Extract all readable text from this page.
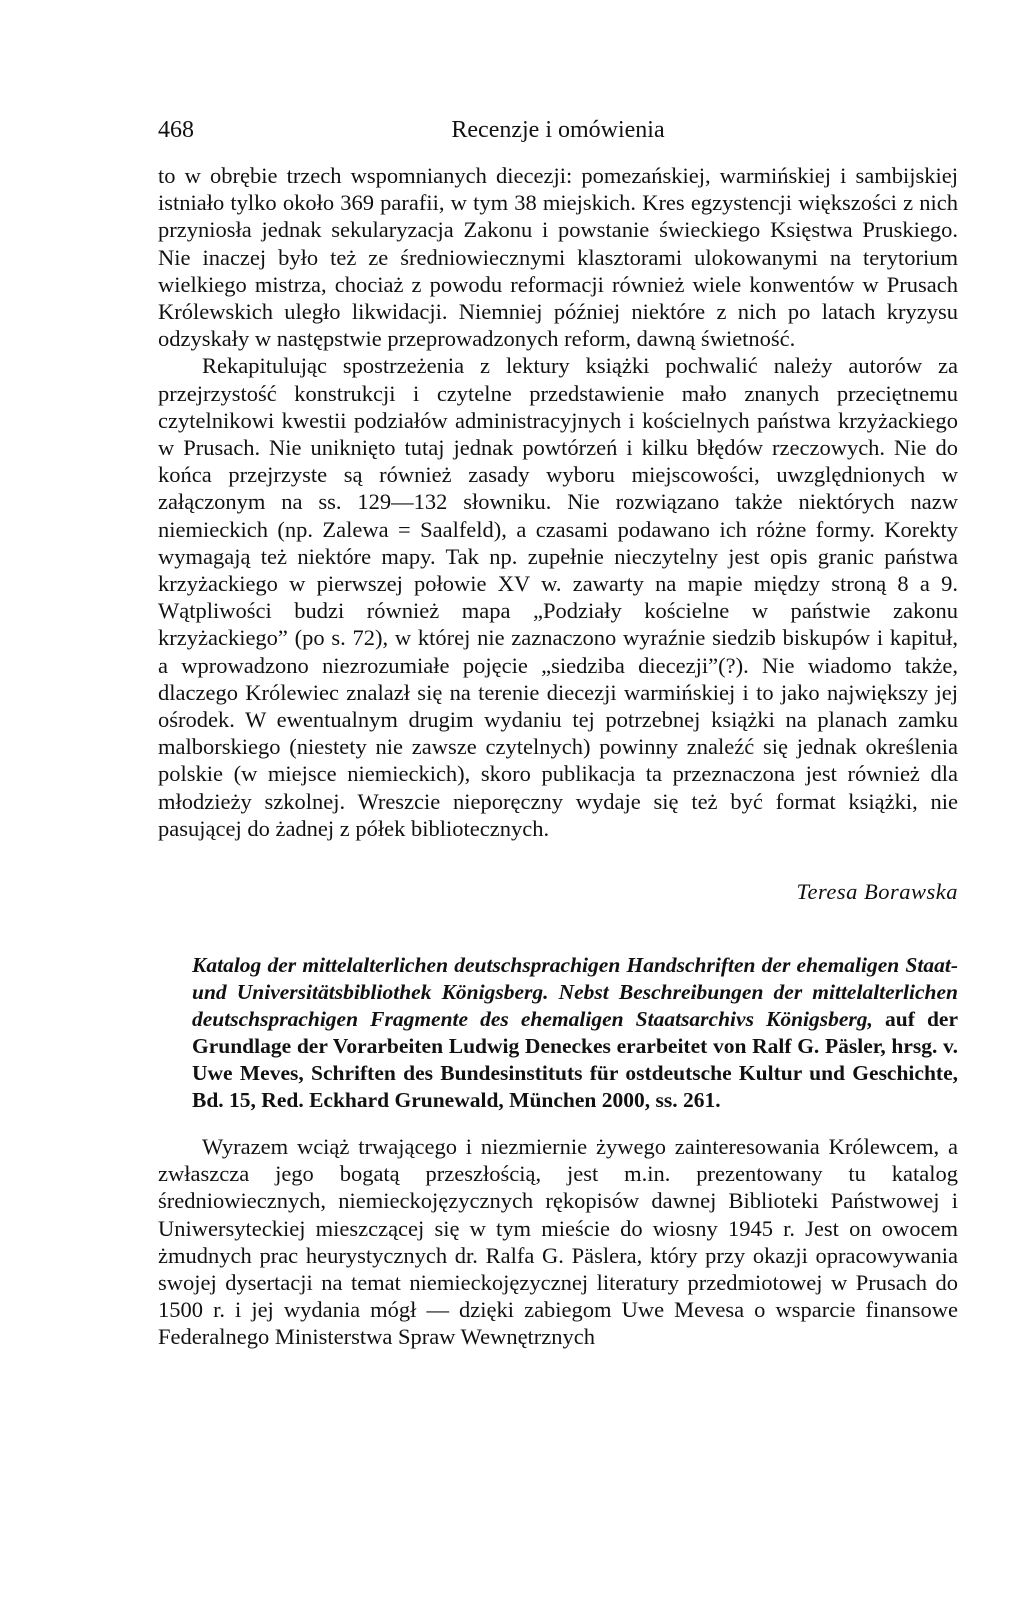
468	Recenzje i omówienia

to w obrębie trzech wspomnianych diecezji: pomezańskiej, warmińskiej i sambijskiej istniało tylko około 369 parafii, w tym 38 miejskich. Kres egzystencji większości z nich przyniosła jednak sekularyzacja Zakonu i powstanie świeckiego Księstwa Pruskiego. Nie inaczej było też ze średniowiecznymi klasztorami ulokowanymi na terytorium wielkiego mistrza, chociaż z powodu reformacji również wiele konwentów w Prusach Królewskich uległo likwidacji. Niemniej później niektóre z nich po latach kryzysu odzyskały w następstwie przeprowadzonych reform, dawną świetność.

Rekapitulując spostrzeżenia z lektury książki pochwalić należy autorów za przejrzystość konstrukcji i czytelne przedstawienie mało znanych przeciętnemu czytelnikowi kwestii podziałów administracyjnych i kościelnych państwa krzyżackiego w Prusach. Nie uniknięto tutaj jednak powtórzeń i kilku błędów rzeczowych. Nie do końca przejrzyste są również zasady wyboru miejscowości, uwzględnionych w załączonym na ss. 129—132 słowniku. Nie rozwiązano także niektórych nazw niemieckich (np. Zalewa = Saalfeld), a czasami podawano ich różne formy. Korekty wymagają też niektóre mapy. Tak np. zupełnie nieczytelny jest opis granic państwa krzyżackiego w pierwszej połowie XV w. zawarty na mapie między stroną 8 a 9. Wątpliwości budzi również mapa „Podziały kościelne w państwie zakonu krzyżackiego” (po s. 72), w której nie zaznaczono wyraźnie siedzib biskupów i kapituł, a wprowadzono niezrozumiałe pojęcie „siedziba diecezji”(?). Nie wiadomo także, dlaczego Królewiec znalazł się na terenie diecezji warmińskiej i to jako największy jej ośrodek. W ewentualnym drugim wydaniu tej potrzebnej książki na planach zamku malborskiego (niestety nie zawsze czytelnych) powinny znaleźć się jednak określenia polskie (w miejsce niemieckich), skoro publikacja ta przeznaczona jest również dla młodzieży szkolnej. Wreszcie nieporęczny wydaje się też być format książki, nie pasującej do żadnej z półek bibliotecznych.

Teresa Borawska
Katalog der mittelalterlichen deutschsprachigen Handschriften der ehemaligen Staat- und Universitätsbibliothek Königsberg. Nebst Beschreibungen der mittelalterlichen deutschsprachigen Fragmente des ehemaligen Staatsarchivs Königsberg, auf der Grundlage der Vorarbeiten Ludwig Deneckes erarbeitet von Ralf G. Päsler, hrsg. v. Uwe Meves, Schriften des Bundesinstituts für ostdeutsche Kultur und Geschichte, Bd. 15, Red. Eckhard Grunewald, München 2000, ss. 261.

Wyrazem wciąż trwającego i niezmiernie żywego zainteresowania Królewcem, a zwłaszcza jego bogatą przeszłością, jest m.in. prezentowany tu katalog średniowiecznych, niemieckojęzycznych rękopisów dawnej Biblioteki Państwowej i Uniwersyteckiej mieszczącej się w tym mieście do wiosny 1945 r. Jest on owocem żmudnych prac heurystycznych dr. Ralfa G. Päslera, który przy okazji opracowywania swojej dysertacji na temat niemieckojęzycznej literatury przedmiotowej w Prusach do 1500 r. i jej wydania mógł — dzięki zabiegom Uwe Mevesa o wsparcie finansowe Federalnego Ministerstwa Spraw Wewnętrznych
